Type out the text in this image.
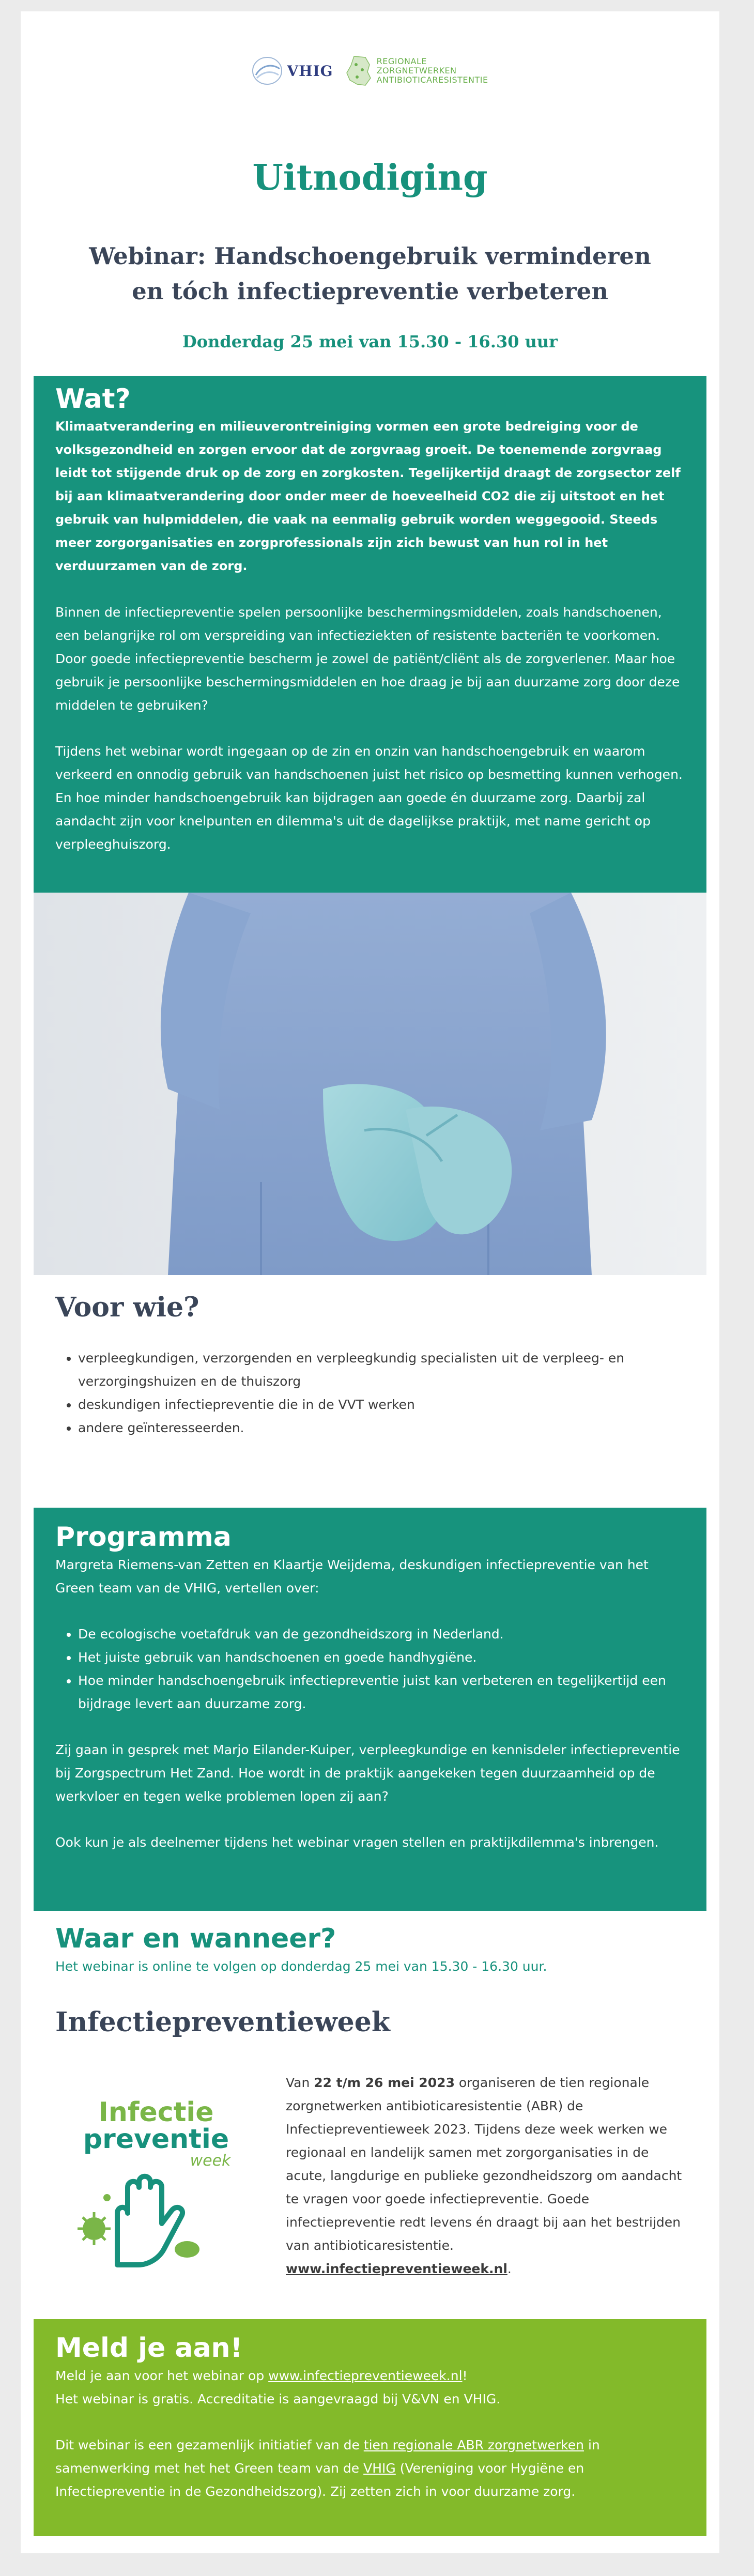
VHIG
REGIONALE
ZORGNETWERKEN
ANTIBIOTICARESISTENTIE
Uitnodiging
Webinar: Handschoengebruik verminderen
en tóch infectiepreventie verbeteren

Donderdag 25 mei van 15.30 - 16.30 uur

Wat?

Klimaatverandering en milieuverontreiniging vormen een grote bedreiging voor de volksgezondheid en zorgen ervoor dat de zorgvraag groeit. De toenemende zorgvraag leidt tot stijgende druk op de zorg en zorgkosten. Tegelijkertijd draagt de zorgsector zelf bij aan klimaatverandering door onder meer de hoeveelheid CO2 die zij uitstoot en het gebruik van hulpmiddelen, die vaak na eenmalig gebruik worden weggegooid. Steeds meer zorgorganisaties en zorgprofessionals zijn zich bewust van hun rol in het verduurzamen van de zorg.

Binnen de infectiepreventie spelen persoonlijke beschermingsmiddelen, zoals handschoenen, een belangrijke rol om verspreiding van infectieziekten of resistente bacteriën te voorkomen. Door goede infectiepreventie bescherm je zowel de patiënt/cliënt als de zorgverlener. Maar hoe gebruik je persoonlijke beschermingsmiddelen en hoe draag je bij aan duurzame zorg door deze middelen te gebruiken?

Tijdens het webinar wordt ingegaan op de zin en onzin van handschoengebruik en waarom verkeerd en onnodig gebruik van handschoenen juist het risico op besmetting kunnen verhogen. En hoe minder handschoengebruik kan bijdragen aan goede én duurzame zorg. Daarbij zal aandacht zijn voor knelpunten en dilemma's uit de dagelijkse praktijk, met name gericht op verpleeghuiszorg.

Voor wie?
• verpleegkundigen, verzorgenden en verpleegkundig specialisten uit de verpleeg- en verzorgingshuizen en de thuiszorg
• deskundigen infectiepreventie die in de VVT werken
• andere geïnteresseerden.
Programma

Margreta Riemens-van Zetten en Klaartje Weijdema, deskundigen infectiepreventie van het Green team van de VHIG, vertellen over:

• De ecologische voetafdruk van de gezondheidszorg in Nederland.
• Het juiste gebruik van handschoenen en goede handhygiëne.
• Hoe minder handschoengebruik infectiepreventie juist kan verbeteren en tegelijkertijd een bijdrage levert aan duurzame zorg.

Zij gaan in gesprek met Marjo Eilander-Kuiper, verpleegkundige en kennisdeler infectiepreventie bij Zorgspectrum Het Zand. Hoe wordt in de praktijk aangekeken tegen duurzaamheid op de werkvloer en tegen welke problemen lopen zij aan?

Ook kun je als deelnemer tijdens het webinar vragen stellen en praktijkdilemma's inbrengen.

Waar en wanneer?

Het webinar is online te volgen op donderdag 25 mei van 15.30 - 16.30 uur.

Infectiepreventieweek
Infectie
preventie
week

Van 22 t/m 26 mei 2023 organiseren de tien regionale zorgnetwerken antibioticaresistentie (ABR) de Infectiepreventieweek 2023. Tijdens deze week werken we regionaal en landelijk samen met zorgorganisaties in de acute, langdurige en publieke gezondheidszorg om aandacht te vragen voor goede infectiepreventie. Goede infectiepreventie redt levens én draagt bij aan het bestrijden van antibioticaresistentie.
www.infectiepreventieweek.nl.

Meld je aan!

Meld je aan voor het webinar op www.infectiepreventieweek.nl!
Het webinar is gratis. Accreditatie is aangevraagd bij V&VN en VHIG.

Dit webinar is een gezamenlijk initiatief van de tien regionale ABR zorgnetwerken in samenwerking met het het Green team van de VHIG (Vereniging voor Hygiëne en Infectiepreventie in de Gezondheidszorg). Zij zetten zich in voor duurzame zorg.
